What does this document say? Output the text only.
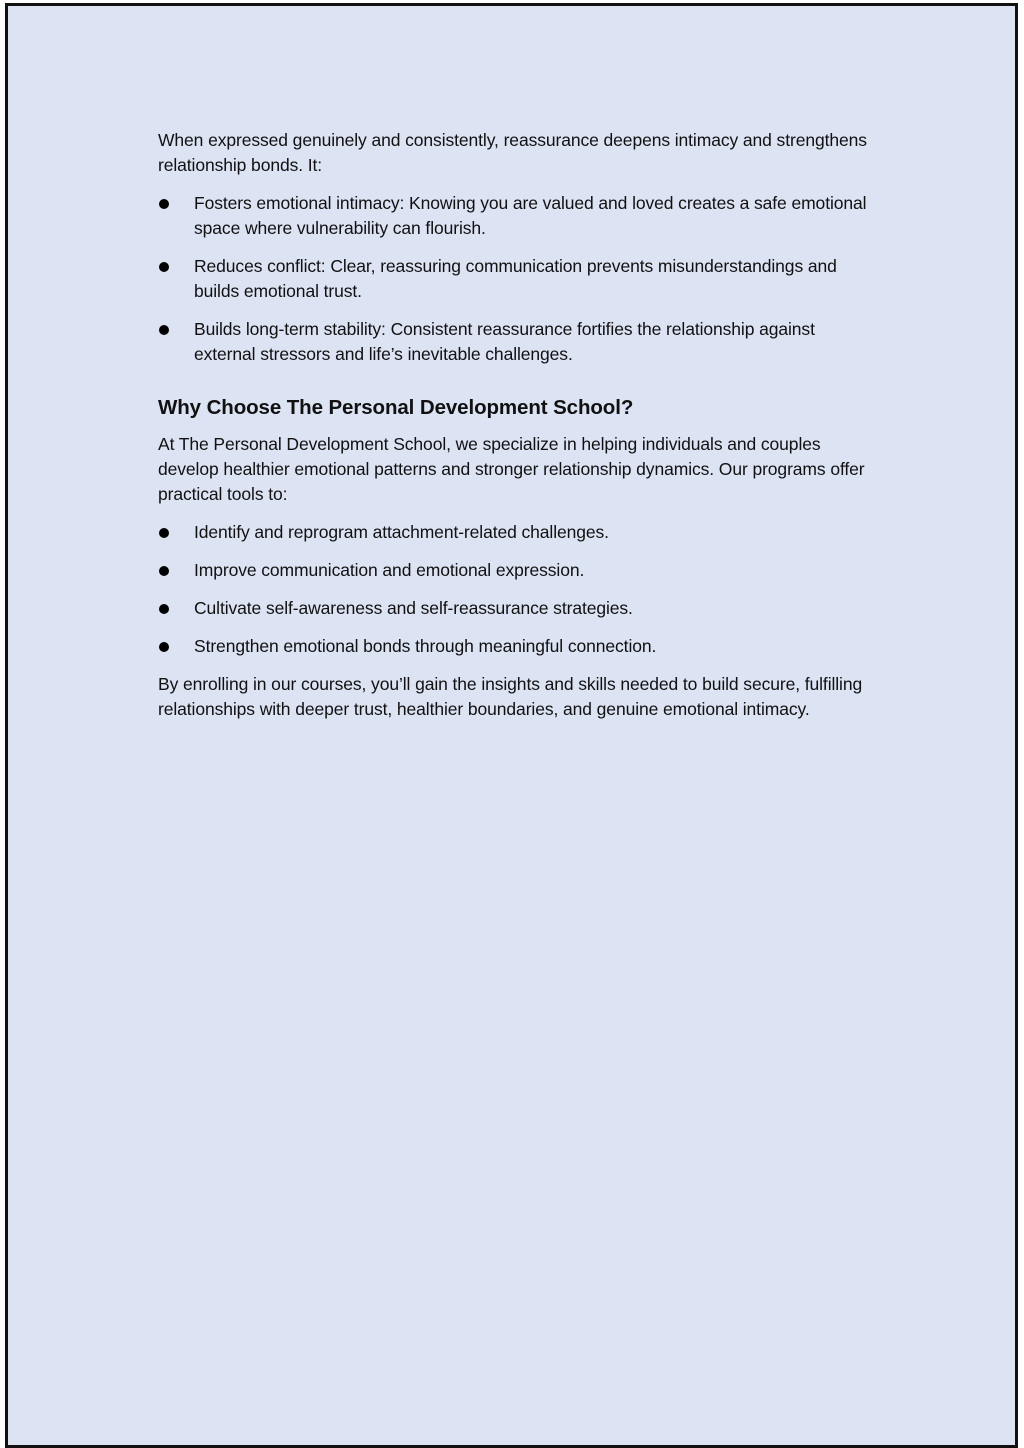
When expressed genuinely and consistently, reassurance deepens intimacy and strengthens relationship bonds. It:

Fosters emotional intimacy: Knowing you are valued and loved creates a safe emotional space where vulnerability can flourish.
Reduces conflict: Clear, reassuring communication prevents misunderstandings and builds emotional trust.
Builds long-term stability: Consistent reassurance fortifies the relationship against external stressors and life’s inevitable challenges.
Why Choose The Personal Development School?

At The Personal Development School, we specialize in helping individuals and couples develop healthier emotional patterns and stronger relationship dynamics. Our programs offer practical tools to:

Identify and reprogram attachment-related challenges.
Improve communication and emotional expression.
Cultivate self-awareness and self-reassurance strategies.
Strengthen emotional bonds through meaningful connection.

By enrolling in our courses, you’ll gain the insights and skills needed to build secure, fulfilling relationships with deeper trust, healthier boundaries, and genuine emotional intimacy.
